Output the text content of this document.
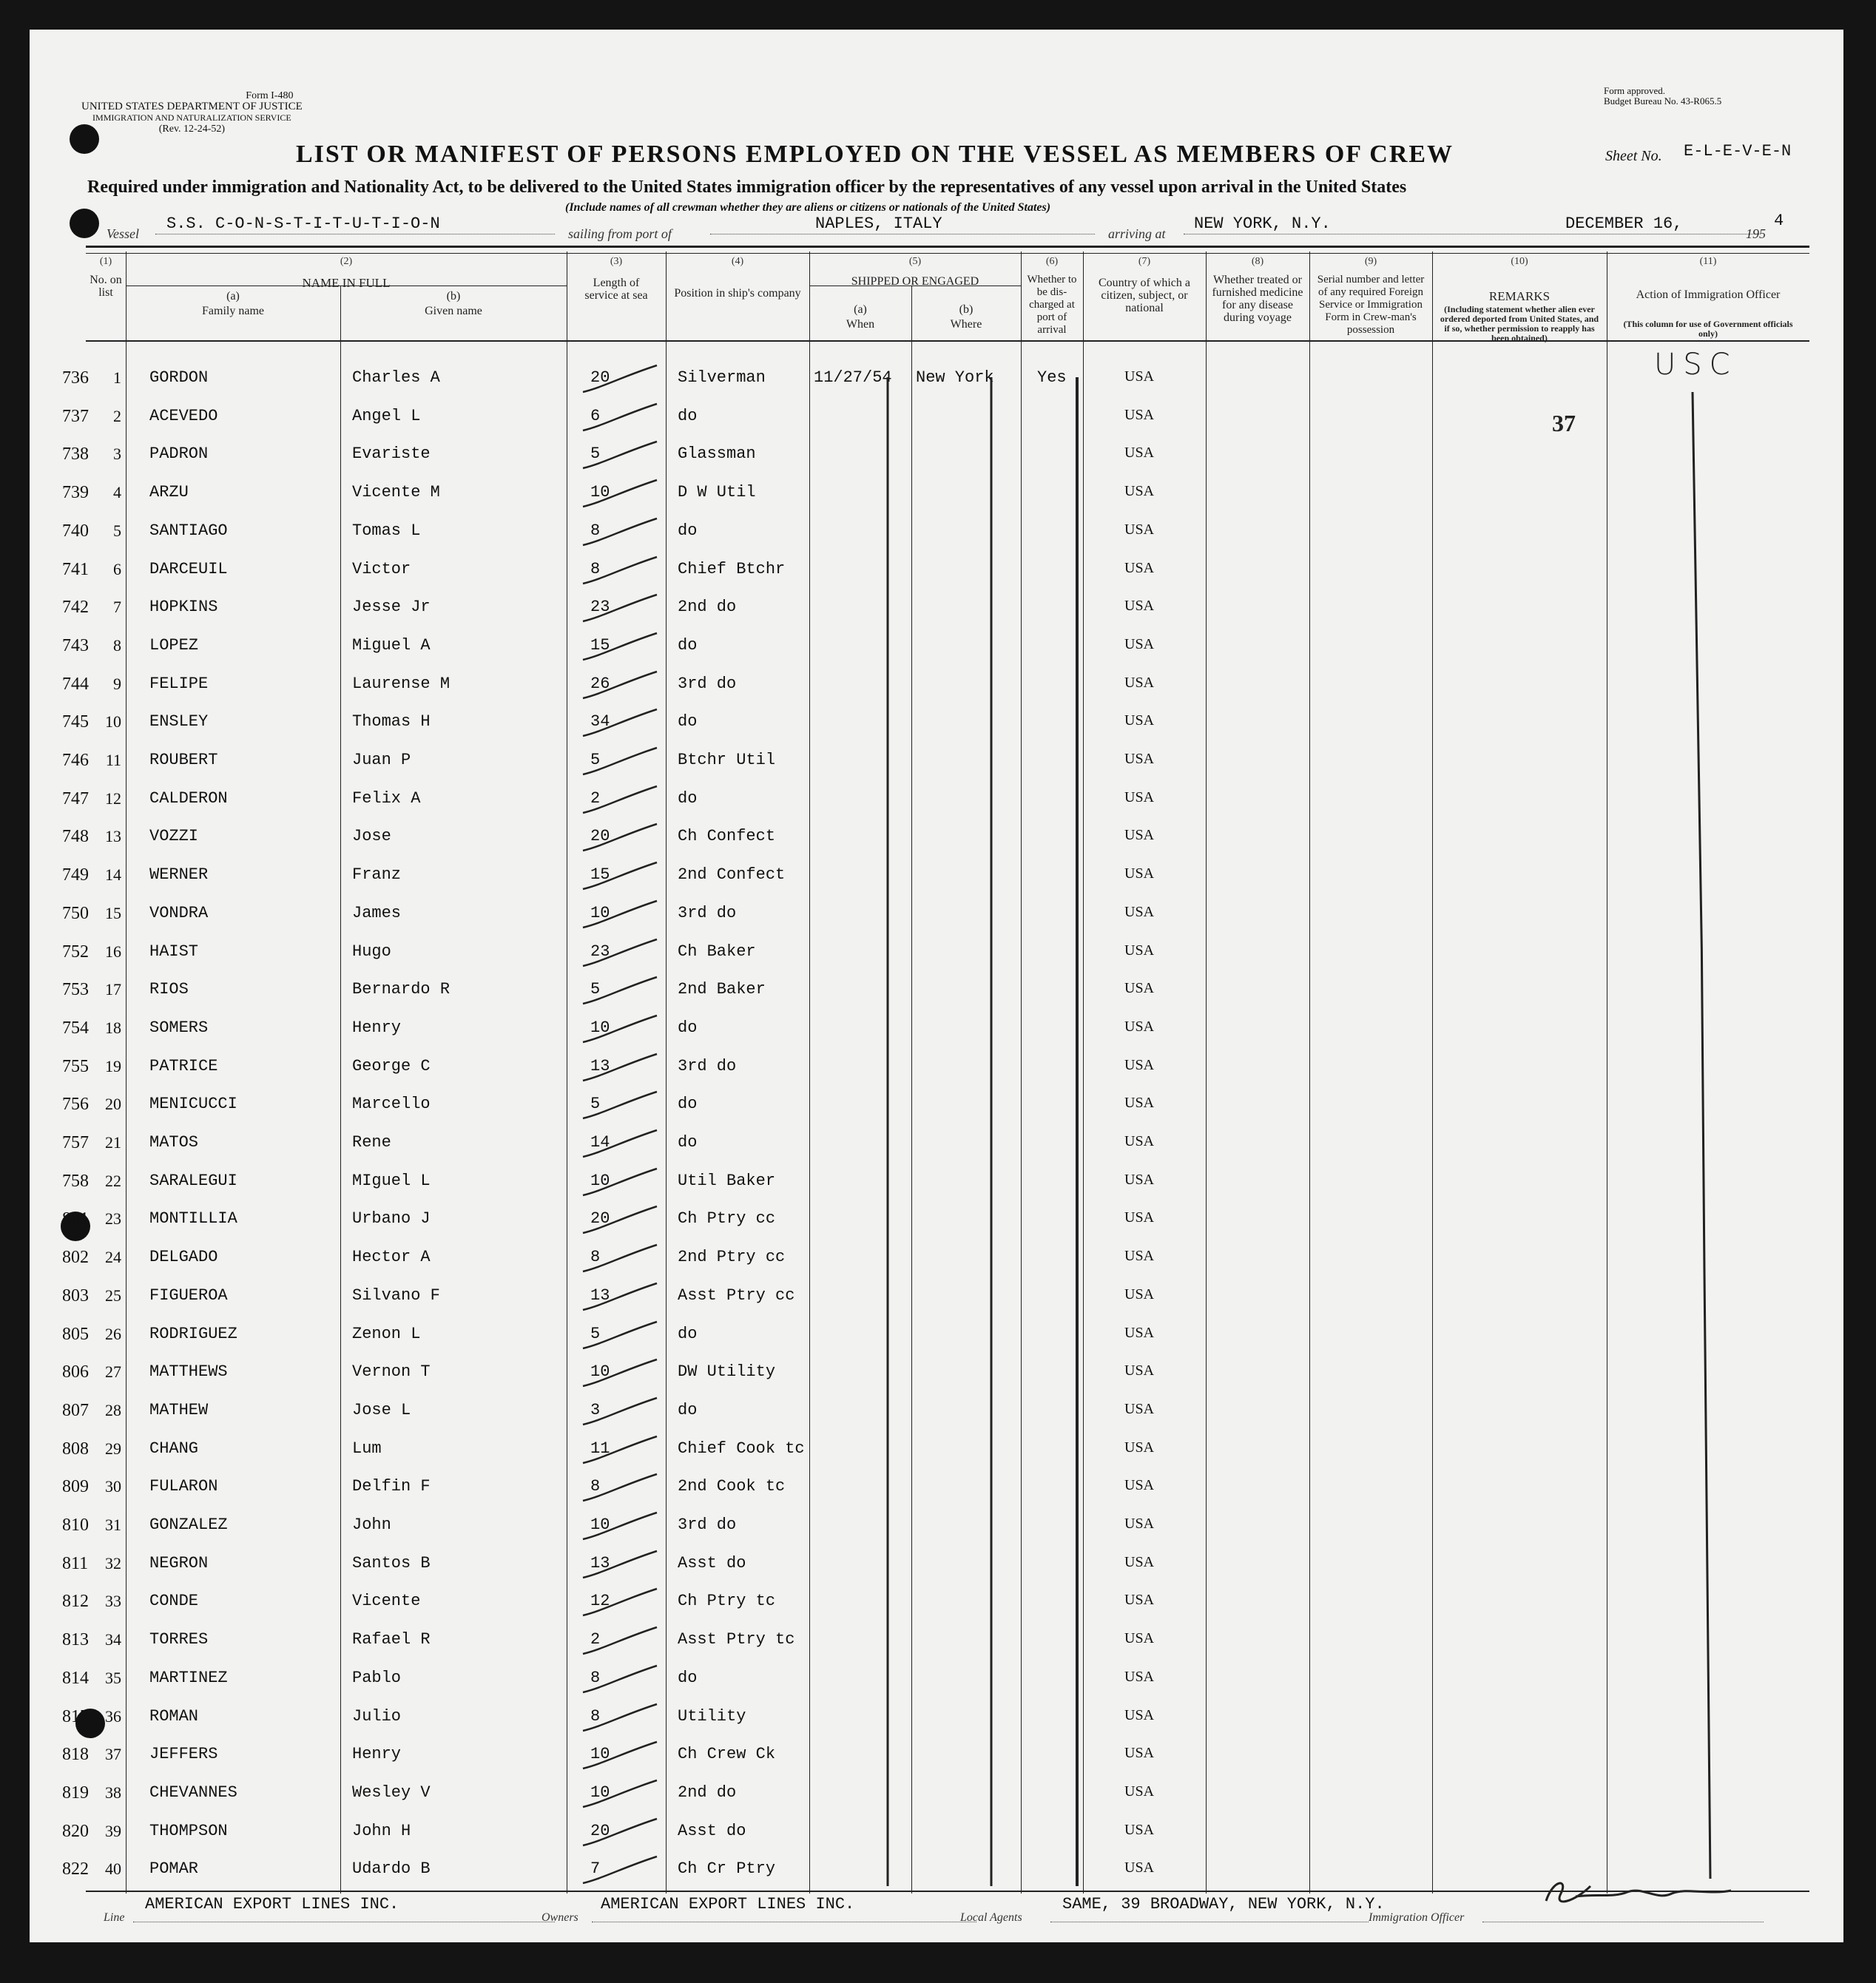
Form I-480
UNITED STATES DEPARTMENT OF JUSTICE
IMMIGRATION AND NATURALIZATION SERVICE
(Rev. 12-24-52)
Form approved.
Budget Bureau No. 43-R065.5
LIST OR MANIFEST OF PERSONS EMPLOYED ON THE VESSEL AS MEMBERS OF CREW	Sheet No. E-L-E-V-E-N
Required under immigration and Nationality Act, to be delivered to the United States immigration officer by the representatives of any vessel upon arrival in the United States
(Include names of all crewman whether they are aliens or citizens or nationals of the United States)
Vessel
S.S. C-O-N-S-T-I-T-U-T-I-O-N
sailing from port of
NAPLES, ITALY
arriving at
NEW YORK, N.Y.	DECEMBER 16,
195
4
(1)
No. on list
(2)
NAME IN FULL
(a)
Family name
(b)
Given name
(3)
Length of service at sea
(4)
Position in ship's company
(5)
SHIPPED OR ENGAGED
(a)
When
(b)
Where
(6)
Whether to be dis-charged at port of arrival
(7)
Country of which a citizen, subject, or national
(8)
Whether treated or furnished medicine for any disease during voyage
(9)
Serial number and letter of any required Foreign Service or Immigration Form in Crew-man's possession
(10)
REMARKS
(Including statement whether alien ever ordered deported from United States, and if so, whether permission to reapply has been obtained)
(11)
Action of Immigration Officer
(This column for use of Government officials only)
736	1 GORDON	Charles A	20	Silverman	11/27/54 New York	Yes	USA
737	2 ACEVEDO	Angel L	6	do	USA
738	3 PADRON	Evariste	5	Glassman	USA
739	4 ARZU	Vicente M	10	D W Util	USA
740	5 SANTIAGO	Tomas L	8	do	USA
741	6 DARCEUIL	Victor	8	Chief Btchr	USA
742	7 HOPKINS	Jesse Jr	23	2nd do	USA
743	8 LOPEZ	Miguel A	15	do	USA
744	9 FELIPE	Laurense M	26	3rd do	USA
745	10 ENSLEY	Thomas H	34	do	USA
746	11 ROUBERT	Juan P	5	Btchr Util	USA
747	12 CALDERON	Felix A	2	do	USA
748	13 VOZZI	Jose	20	Ch Confect	USA
749	14 WERNER	Franz	15	2nd Confect	USA
750	15 VONDRA	James	10	3rd do	USA
752	16 HAIST	Hugo	23	Ch Baker	USA
753	17 RIOS	Bernardo R	5	2nd Baker	USA
754	18 SOMERS	Henry	10	do	USA
755	19 PATRICE	George C	13	3rd do	USA
756	20 MENICUCCI	Marcello	5	do	USA
757	21 MATOS	Rene	14	do	USA
758	22 SARALEGUI	MIguel L	10	Util Baker	USA
801	23 MONTILLIA	Urbano J	20	Ch Ptry cc	USA
802	24 DELGADO	Hector A	8	2nd Ptry cc	USA
803	25 FIGUEROA	Silvano F	13	Asst Ptry cc	USA
805	26 RODRIGUEZ	Zenon L	5	do	USA
806	27 MATTHEWS	Vernon T	10	DW Utility	USA
807	28 MATHEW	Jose L	3	do	USA
808	29 CHANG	Lum	11	Chief Cook tc	USA
809	30 FULARON	Delfin F	8	2nd Cook tc	USA
810	31 GONZALEZ	John	10	3rd do	USA
811	32 NEGRON	Santos B	13	Asst do	USA
812	33 CONDE	Vicente	12	Ch Ptry tc	USA
813	34 TORRES	Rafael R	2	Asst Ptry tc	USA
814	35 MARTINEZ	Pablo	8	do	USA
817	36 ROMAN	Julio	8	Utility	USA
818	37 JEFFERS	Henry	10	Ch Crew Ck	USA
819	38 CHEVANNES	Wesley V	10	2nd do	USA
820	39 THOMPSON	John H	20	Asst do	USA
822	40 POMAR	Udardo B	7	Ch Cr Ptry	USA
USC
37
Line
AMERICAN EXPORT LINES INC.
Owners
AMERICAN EXPORT LINES INC.
Local Agents
SAME, 39 BROADWAY, NEW YORK, N.Y.
Immigration Officer
